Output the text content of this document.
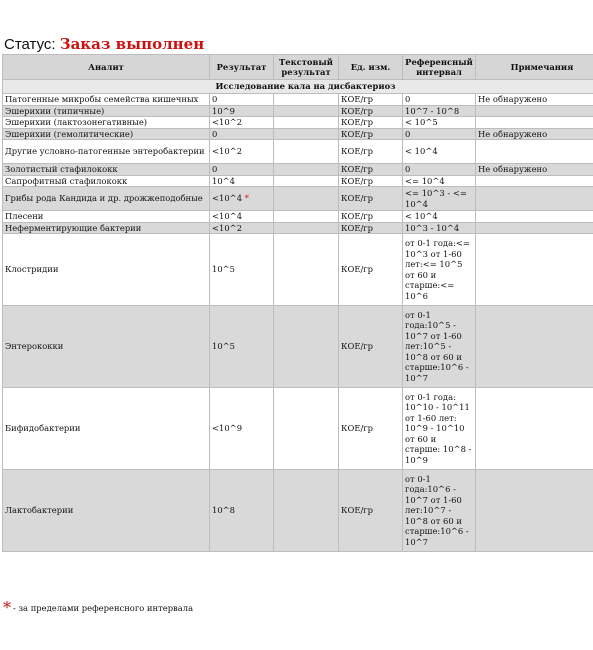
Статус: Заказ выполнен
Аналит	Результат	Текстовый результат	Ед. изм.	Референсный интервал	Примечания
Исследование кала на дисбактериоз					
Патогенные микробы семейства кишечных	0		КОЕ/гр	0	Не обнаружено
Эшерихии (типичные)	10^9		КОЕ/гр	10^7 - 10^8	
Эшерихии (лактозонегативные)	<10^2		КОЕ/гр	< 10^5	
Эшерихии (гемолитические)	0		КОЕ/гр	0	Не обнаружено
Другие условно-патогенные энтеробактерии	<10^2		КОЕ/гр	< 10^4	
Золотистый стафилококк	0		КОЕ/гр	0	Не обнаружено
Сапрофитный стафилококк	10^4		КОЕ/гр	<= 10^4	
Грибы рода Кандида и др. дрожжеподобные	<10^4 *		КОЕ/гр	<= 10^3 - <= 10^4	
Плесени	<10^4		КОЕ/гр	< 10^4	
Неферментирующие бактерии	<10^2		КОЕ/гр	10^3 - 10^4	
Клостридии	10^5		КОЕ/гр	от 0-1 года:<= 10^3 от 1-60 лет:<= 10^5 от 60 и старше:<= 10^6	
Энтерококки	10^5		КОЕ/гр	от 0-1 года:10^5 - 10^7 от 1-60 лет:10^5 - 10^8 от 60 и старше:10^6 - 10^7	
Бифидобактерии	<10^9		КОЕ/гр	от 0-1 года: 10^10 - 10^11 от 1-60 лет: 10^9 - 10^10 от 60 и старше: 10^8 - 10^9	
Лактобактерии	10^8		КОЕ/гр	от 0-1 года:10^6 - 10^7 от 1-60 лет:10^7 - 10^8 от 60 и старше:10^6 - 10^7	
* - за пределами референсного интервала
